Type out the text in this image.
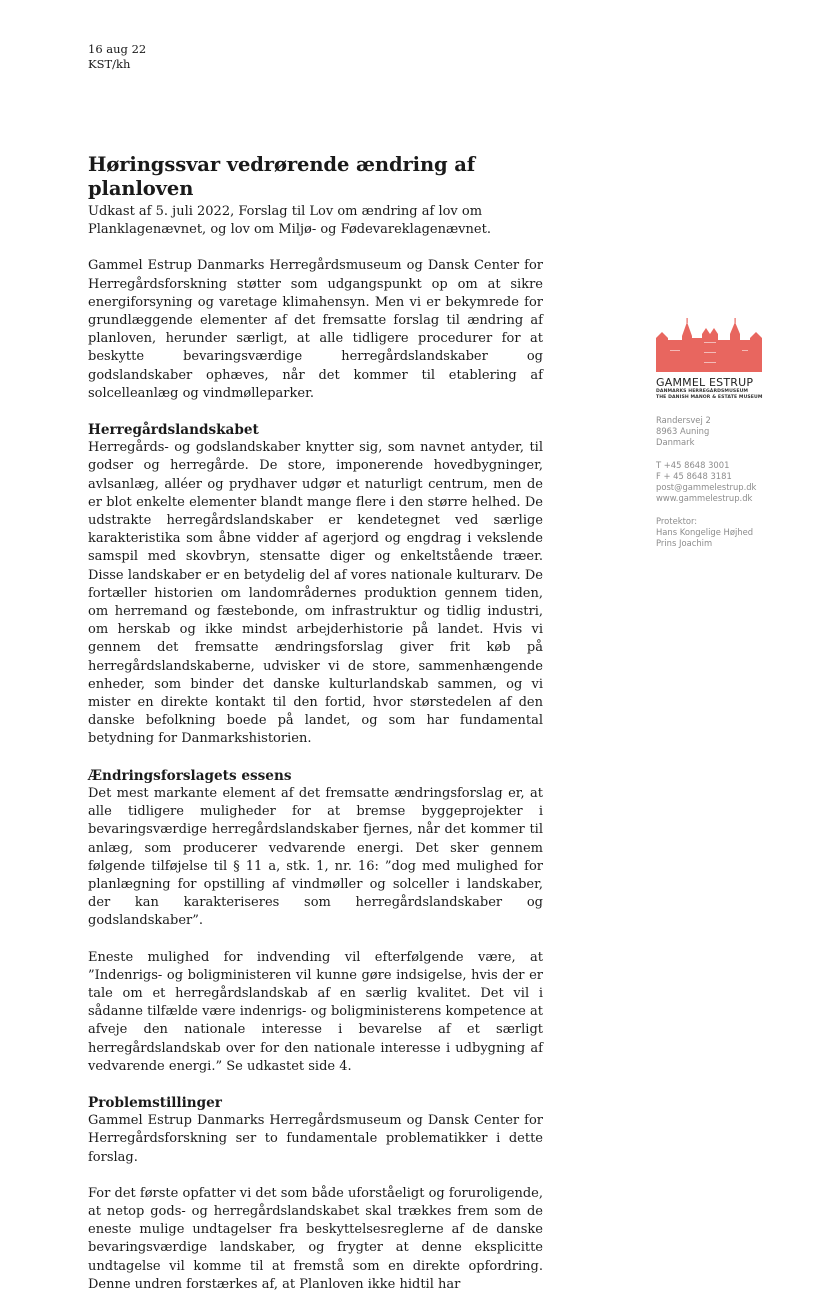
16 aug 22
KST/kh
Høringssvar vedrørende ændring af planloven
Udkast af 5. juli 2022, Forslag til Lov om ændring af lov om Planklagenævnet, og lov om Miljø- og Fødevareklagenævnet.

Gammel Estrup Danmarks Herregårdsmuseum og Dansk Center for Herregårdsforskning støtter som udgangspunkt op om at sikre energiforsyning og varetage klimahensyn. Men vi er bekymrede for grundlæggende elementer af det fremsatte forslag til ændring af planloven, herunder særligt, at alle tidligere procedurer for at beskytte bevaringsværdige herregårdslandskaber og godslandskaber ophæves, når det kommer til etablering af solcelleanlæg og vindmølleparker.

Herregårdslandskabet

Herregårds- og godslandskaber knytter sig, som navnet antyder, til godser og herregårde. De store, imponerende hovedbygninger, avlsanlæg, alléer og prydhaver udgør et naturligt centrum, men de er blot enkelte elementer blandt mange flere i den større helhed. De udstrakte herregårdslandskaber er kendetegnet ved særlige karakteristika som åbne vidder af agerjord og engdrag i vekslende samspil med skovbryn, stensatte diger og enkeltstående træer. Disse landskaber er en betydelig del af vores nationale kulturarv. De fortæller historien om landområdernes produktion gennem tiden, om herremand og fæstebonde, om infrastruktur og tidlig industri, om herskab og ikke mindst arbejderhistorie på landet. Hvis vi gennem det fremsatte ændringsforslag giver frit køb på herregårdslandskaberne, udvisker vi de store, sammenhængende enheder, som binder det danske kulturlandskab sammen, og vi mister en direkte kontakt til den fortid, hvor størstedelen af den danske befolkning boede på landet, og som har fundamental betydning for Danmarkshistorien.

Ændringsforslagets essens

Det mest markante element af det fremsatte ændringsforslag er, at alle tidligere muligheder for at bremse byggeprojekter i bevaringsværdige herregårdslandskaber fjernes, når det kommer til anlæg, som producerer vedvarende energi. Det sker gennem følgende tilføjelse til § 11 a, stk. 1, nr. 16: ”dog med mulighed for planlægning for opstilling af vindmøller og solceller i landskaber, der kan karakteriseres som herregårdslandskaber og godslandskaber”.

Eneste mulighed for indvending vil efterfølgende være, at ”Indenrigs- og boligministeren vil kunne gøre indsigelse, hvis der er tale om et herregårdslandskab af en særlig kvalitet. Det vil i sådanne tilfælde være indenrigs- og boligministerens kompetence at afveje den nationale interesse i bevarelse af et særligt herregårdslandskab over for den nationale interesse i udbygning af vedvarende energi.” Se udkastet side 4.

Problemstillinger

Gammel Estrup Danmarks Herregårdsmuseum og Dansk Center for Herregårdsforskning ser to fundamentale problematikker i dette forslag.

For det første opfatter vi det som både uforståeligt og foruroligende, at netop gods- og herregårdslandskabet skal trækkes frem som de eneste mulige undtagelser fra beskyttelsesreglerne af de danske bevaringsværdige landskaber, og frygter at denne eksplicitte undtagelse vil komme til at fremstå som en direkte opfordring. Denne undren forstærkes af, at Planloven ikke hidtil har

GAMMEL ESTRUP
DANMARKS HERREGÅRDSMUSEUM
THE DANISH MANOR & ESTATE MUSEUM
Randersvej 2
8963 Auning
Danmark
T +45 8648 3001
F + 45 8648 3181
post@gammelestrup.dk
www.gammelestrup.dk
Protektor:
Hans Kongelige Højhed
Prins Joachim
